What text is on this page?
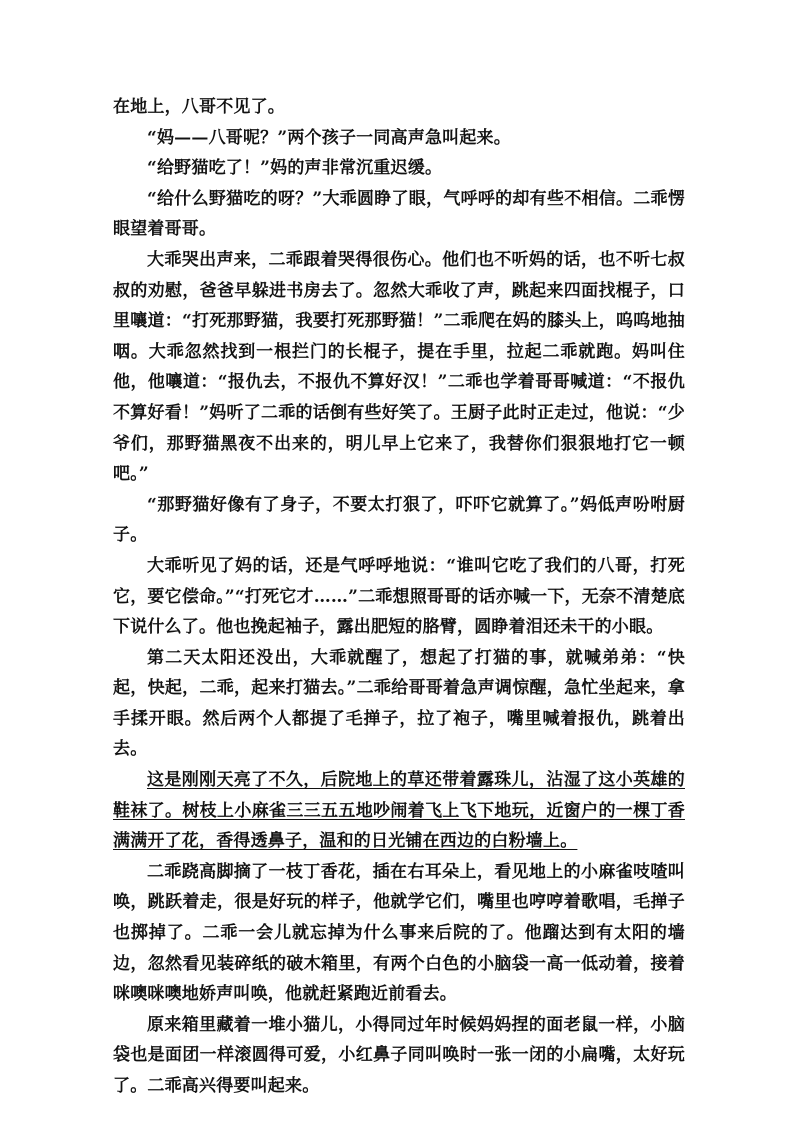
在地上，八哥不见了。

“妈——八哥呢？”两个孩子一同高声急叫起来。

“给野猫吃了！”妈的声非常沉重迟缓。

“给什么野猫吃的呀？”大乖圆睁了眼，气呼呼的却有些不相信。二乖愣眼望着哥哥。

大乖哭出声来，二乖跟着哭得很伤心。他们也不听妈的话，也不听七叔叔的劝慰，爸爸早躲进书房去了。忽然大乖收了声，跳起来四面找棍子，口里嚷道：“打死那野猫，我要打死那野猫！”二乖爬在妈的膝头上，呜呜地抽咽。大乖忽然找到一根拦门的长棍子，提在手里，拉起二乖就跑。妈叫住他，他嚷道：“报仇去，不报仇不算好汉！”二乖也学着哥哥喊道：“不报仇不算好看！”妈听了二乖的话倒有些好笑了。王厨子此时正走过，他说：“少爷们，那野猫黑夜不出来的，明儿早上它来了，我替你们狠狠地打它一顿吧。”

“那野猫好像有了身子，不要太打狠了，吓吓它就算了。”妈低声吩咐厨子。

大乖听见了妈的话，还是气呼呼地说：“谁叫它吃了我们的八哥，打死它，要它偿命。”“打死它才……”二乖想照哥哥的话亦喊一下，无奈不清楚底下说什么了。他也挽起袖子，露出肥短的胳臂，圆睁着泪还未干的小眼。

第二天太阳还没出，大乖就醒了，想起了打猫的事，就喊弟弟：“快起，快起，二乖，起来打猫去。”二乖给哥哥着急声调惊醒，急忙坐起来，拿手揉开眼。然后两个人都提了毛掸子，拉了袍子，嘴里喊着报仇，跳着出去。

这是刚刚天亮了不久，后院地上的草还带着露珠儿，沾湿了这小英雄的鞋袜了。树枝上小麻雀三三五五地吵闹着飞上飞下地玩，近窗户的一棵丁香满满开了花，香得透鼻子，温和的日光铺在西边的白粉墙上。

二乖跷高脚摘了一枝丁香花，插在右耳朵上，看见地上的小麻雀吱喳叫唤，跳跃着走，很是好玩的样子，他就学它们，嘴里也哼哼着歌唱，毛掸子也掷掉了。二乖一会儿就忘掉为什么事来后院的了。他蹓达到有太阳的墙边，忽然看见装碎纸的破木箱里，有两个白色的小脑袋一高一低动着，接着咪噢咪噢地娇声叫唤，他就赶紧跑近前看去。

原来箱里藏着一堆小猫儿，小得同过年时候妈妈捏的面老鼠一样，小脑袋也是面团一样滚圆得可爱，小红鼻子同叫唤时一张一闭的小扁嘴，太好玩了。二乖高兴得要叫起来。
